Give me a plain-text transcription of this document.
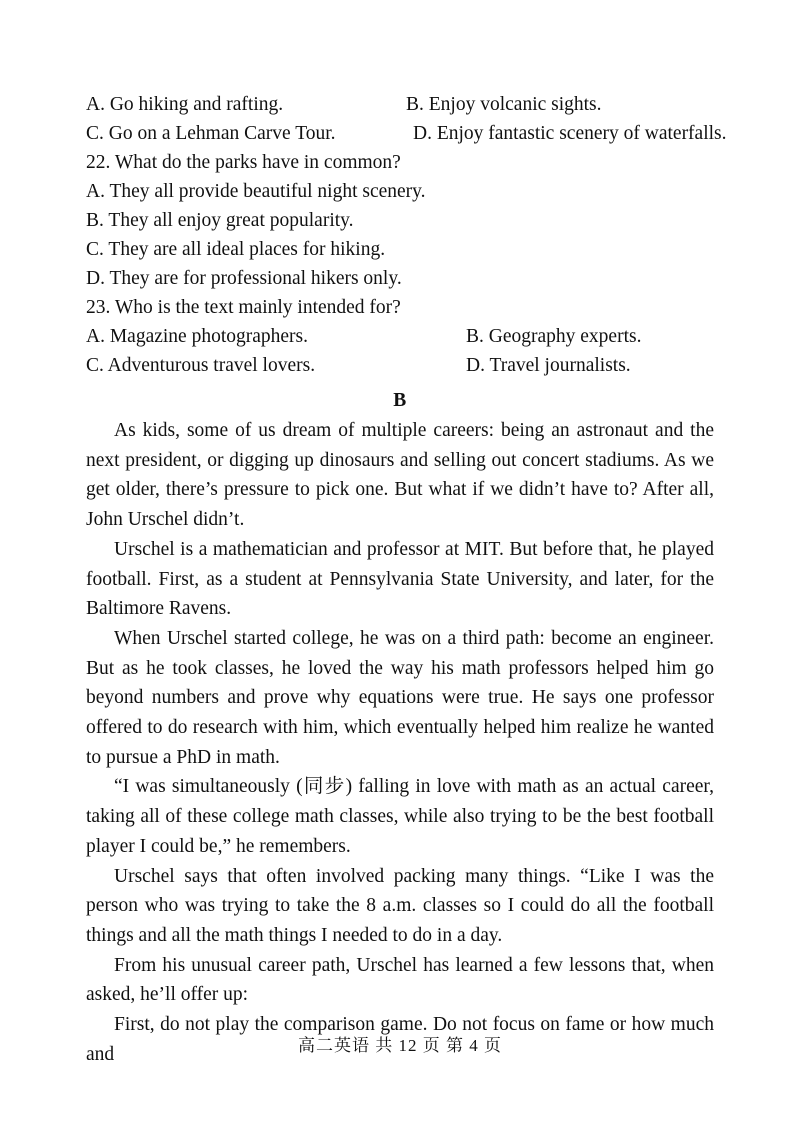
A. Go hiking and rafting.	B. Enjoy volcanic sights.
C. Go on a Lehman Carve Tour.	D. Enjoy fantastic scenery of waterfalls.
22. What do the parks have in common?
A. They all provide beautiful night scenery.
B. They all enjoy great popularity.
C. They are all ideal places for hiking.
D. They are for professional hikers only.
23. Who is the text mainly intended for?
A. Magazine photographers.	B. Geography experts.
C. Adventurous travel lovers.	D. Travel journalists.
B

As kids, some of us dream of multiple careers: being an astronaut and the next president, or digging up dinosaurs and selling out concert stadiums. As we get older, there’s pressure to pick one. But what if we didn’t have to? After all, John Urschel didn’t.

Urschel is a mathematician and professor at MIT. But before that, he played football. First, as a student at Pennsylvania State University, and later, for the Baltimore Ravens.

When Urschel started college, he was on a third path: become an engineer. But as he took classes, he loved the way his math professors helped him go beyond numbers and prove why equations were true. He says one professor offered to do research with him, which eventually helped him realize he wanted to pursue a PhD in math.

“I was simultaneously (同步) falling in love with math as an actual career, taking all of these college math classes, while also trying to be the best football player I could be,” he remembers.

Urschel says that often involved packing many things. “Like I was the person who was trying to take the 8 a.m. classes so I could do all the football things and all the math things I needed to do in a day.

From his unusual career path, Urschel has learned a few lessons that, when asked, he’ll offer up:

First, do not play the comparison game. Do not focus on fame or how much and	高二英语 共 12 页 第 4 页
